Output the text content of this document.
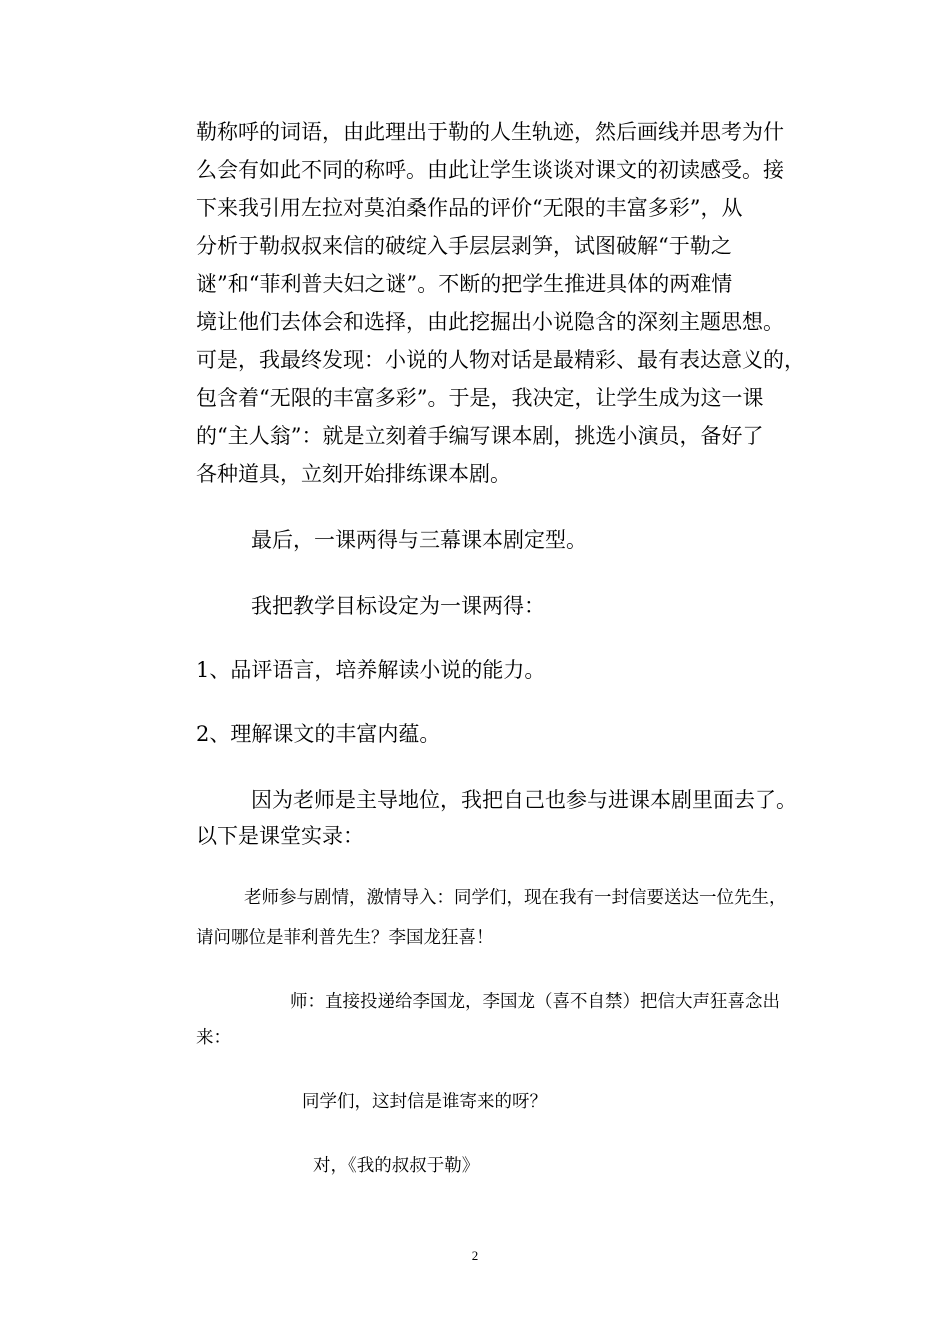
勒称呼的词语，由此理出于勒的人生轨迹，然后画线并思考为什
么会有如此不同的称呼。由此让学生谈谈对课文的初读感受。接
下来我引用左拉对莫泊桑作品的评价“无限的丰富多彩”，从
分析于勒叔叔来信的破绽入手层层剥笋，试图破解“于勒之
谜”和“菲利普夫妇之谜”。不断的把学生推进具体的两难情
境让他们去体会和选择，由此挖掘出小说隐含的深刻主题思想。
可是，我最终发现：小说的人物对话是最精彩、最有表达意义的，
包含着“无限的丰富多彩”。于是，我决定，让学生成为这一课
的“主人翁”：就是立刻着手编写课本剧，挑选小演员，备好了
各种道具，立刻开始排练课本剧。
最后，一课两得与三幕课本剧定型。
我把教学目标设定为一课两得：
1、品评语言，培养解读小说的能力。
2、理解课文的丰富内蕴。
因为老师是主导地位，我把自己也参与进课本剧里面去了。
以下是课堂实录：
老师参与剧情，激情导入：同学们，现在我有一封信要送达一位先生，
请问哪位是菲利普先生？李国龙狂喜！
师：直接投递给李国龙，李国龙（喜不自禁）把信大声狂喜念出
来：
同学们，这封信是谁寄来的呀？
对，《我的叔叔于勒》
2
